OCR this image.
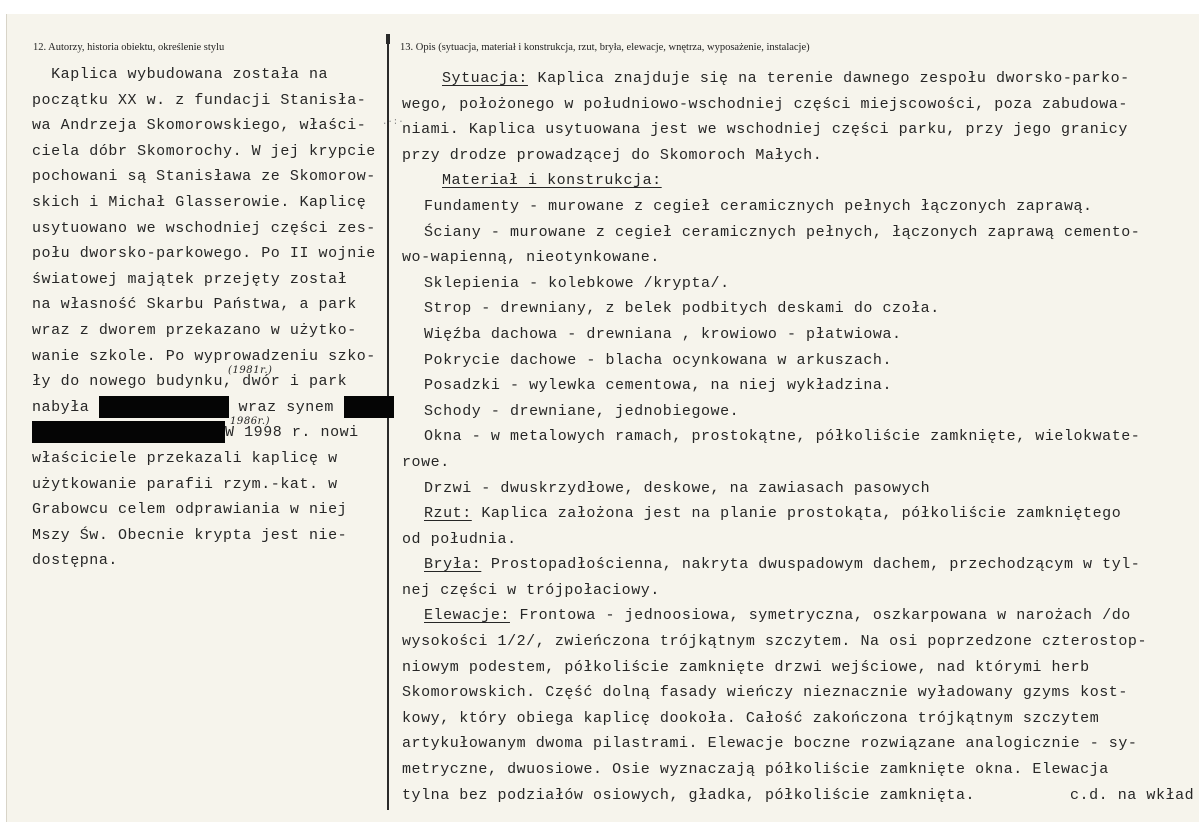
12. Autorzy, historia obiektu, określenie stylu	13. Opis (sytuacja, materiał i konstrukcja, rzut, bryła, elewacje, wnętrza, wyposażenie, instalacje)
.·:·
Kaplica wybudowana została na
początku XX w. z fundacji Stanisła-
wa Andrzeja Skomorowskiego, właści-
ciela dóbr Skomorochy. W jej krypcie
pochowani są Stanisława ze Skomorow-
skich i Michał Glasserowie. Kaplicę
usytuowano we wschodniej części zes-
połu dworsko-parkowego. Po II wojnie
światowej majątek przejęty został
na własność Skarbu Państwa, a park
wraz z dworem przekazano w użytko-
wanie szkole. Po wyprowadzeniu szko-
ły do nowego budynku, dwór i park
(1981r.)
nabyła	wraz synem
1986r.)
W 1998 r. nowi
właściciele przekazali kaplicę w
użytkowanie parafii rzym.-kat. w
Grabowcu celem odprawiania w niej
Mszy Św. Obecnie krypta jest nie-
dostępna.
Sytuacja: Kaplica znajduje się na terenie dawnego zespołu dworsko-parko-
wego, położonego w południowo-wschodniej części miejscowości, poza zabudowa-
niami. Kaplica usytuowana jest we wschodniej części parku, przy jego granicy
przy drodze prowadzącej do Skomoroch Małych.
Materiał i konstrukcja:
Fundamenty - murowane z cegieł ceramicznych pełnych łączonych zaprawą.
Ściany - murowane z cegieł ceramicznych pełnych, łączonych zaprawą cemento-
wo-wapienną, nieotynkowane.
Sklepienia - kolebkowe /krypta/.
Strop - drewniany, z belek podbitych deskami do czoła.
Więźba dachowa - drewniana , krowiowo - płatwiowa.
Pokrycie dachowe - blacha ocynkowana w arkuszach.
Posadzki - wylewka cementowa, na niej wykładzina.
Schody - drewniane, jednobiegowe.
Okna - w metalowych ramach, prostokątne, półkoliście zamknięte, wielokwate-
rowe.
Drzwi - dwuskrzydłowe, deskowe, na zawiasach pasowych
Rzut: Kaplica założona jest na planie prostokąta, półkoliście zamkniętego
od południa.
Bryła: Prostopadłościenna, nakryta dwuspadowym dachem, przechodzącym w tyl-
nej części w trójpołaciowy.
Elewacje: Frontowa - jednoosiowa, symetryczna, oszkarpowana w narożach /do
wysokości 1/2/, zwieńczona trójkątnym szczytem. Na osi poprzedzone czterostop-
niowym podestem, półkoliście zamknięte drzwi wejściowe, nad którymi herb
Skomorowskich. Część dolną fasady wieńczy nieznacznie wyładowany gzyms kost-
kowy, który obiega kaplicę dookoła. Całość zakończona trójkątnym szczytem
artykułowanym dwoma pilastrami. Elewacje boczne rozwiązane analogicznie - sy-
metryczne, dwuosiowe. Osie wyznaczają półkoliście zamknięte okna. Elewacja
tylna bez podziałów osiowych, gładka, półkoliście zamknięta.	c.d. na wkład
